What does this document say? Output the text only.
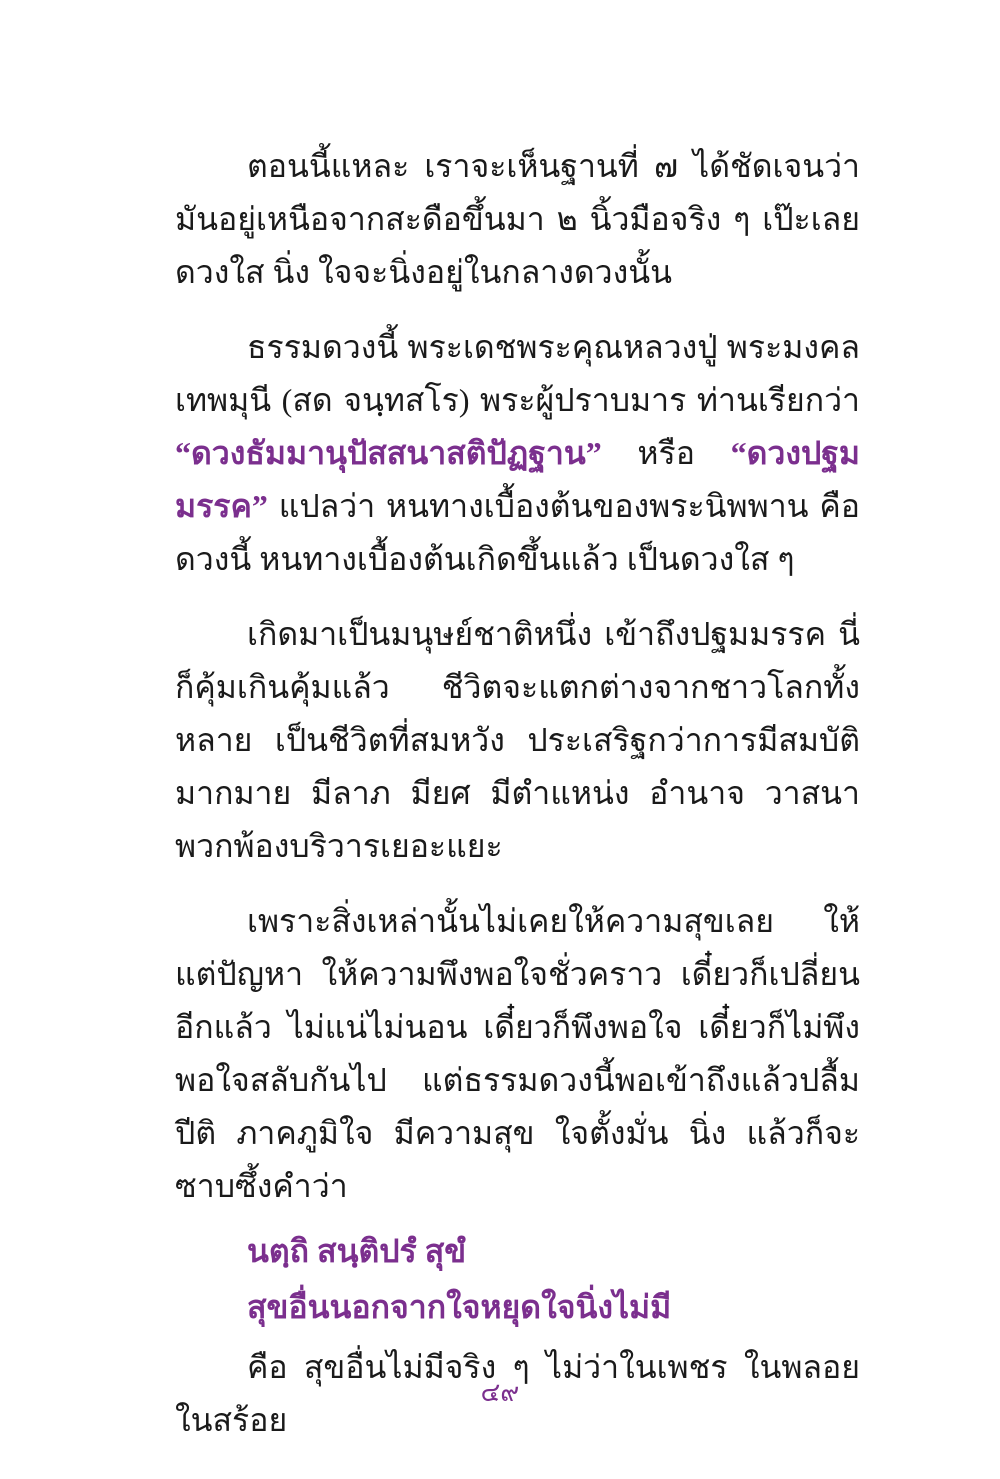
ตอนนี้แหละ เราจะเห็นฐานที่ ๗ ได้ชัดเจนว่า มันอยู่เหนือจากสะดือขึ้นมา ๒ นิ้วมือจริง ๆ เป๊ะเลย ดวงใส นิ่ง ใจจะนิ่งอยู่ในกลางดวงนั้น

ธรรมดวงนี้ พระเดชพระคุณหลวงปู่ พระมงคลเทพมุนี (สด จนฺทสโร) พระผู้ปราบมาร ท่านเรียกว่า “ดวงธัมมานุปัสสนาสติปัฏฐาน” หรือ “ดวงปฐมมรรค” แปลว่า หนทางเบื้องต้นของพระนิพพาน คือ ดวงนี้ หนทางเบื้องต้นเกิดขึ้นแล้ว เป็นดวงใส ๆ

เกิดมาเป็นมนุษย์ชาติหนึ่ง เข้าถึงปฐมมรรค นี่ก็คุ้มเกินคุ้มแล้ว ชีวิตจะแตกต่างจากชาวโลกทั้งหลาย เป็นชีวิตที่สมหวัง ประเสริฐกว่าการมีสมบัติมากมาย มีลาภ มียศ มีตำแหน่ง อำนาจ วาสนา พวกพ้องบริวารเยอะแยะ

เพราะสิ่งเหล่านั้นไม่เคยให้ความสุขเลย ให้แต่ปัญหา ให้ความพึงพอใจชั่วคราว เดี๋ยวก็เปลี่ยนอีกแล้ว ไม่แน่ไม่นอน เดี๋ยวก็พึงพอใจ เดี๋ยวก็ไม่พึงพอใจสลับกันไป แต่ธรรมดวงนี้พอเข้าถึงแล้วปลื้มปีติ ภาคภูมิใจ มีความสุข ใจตั้งมั่น นิ่ง แล้วก็จะซาบซึ้งคำว่า

นตฺถิ สนฺติปรํ สุขํ
สุขอื่นนอกจากใจหยุดใจนิ่งไม่มี

คือ สุขอื่นไม่มีจริง ๆ ไม่ว่าในเพชร ในพลอย ในสร้อย

๔๙
